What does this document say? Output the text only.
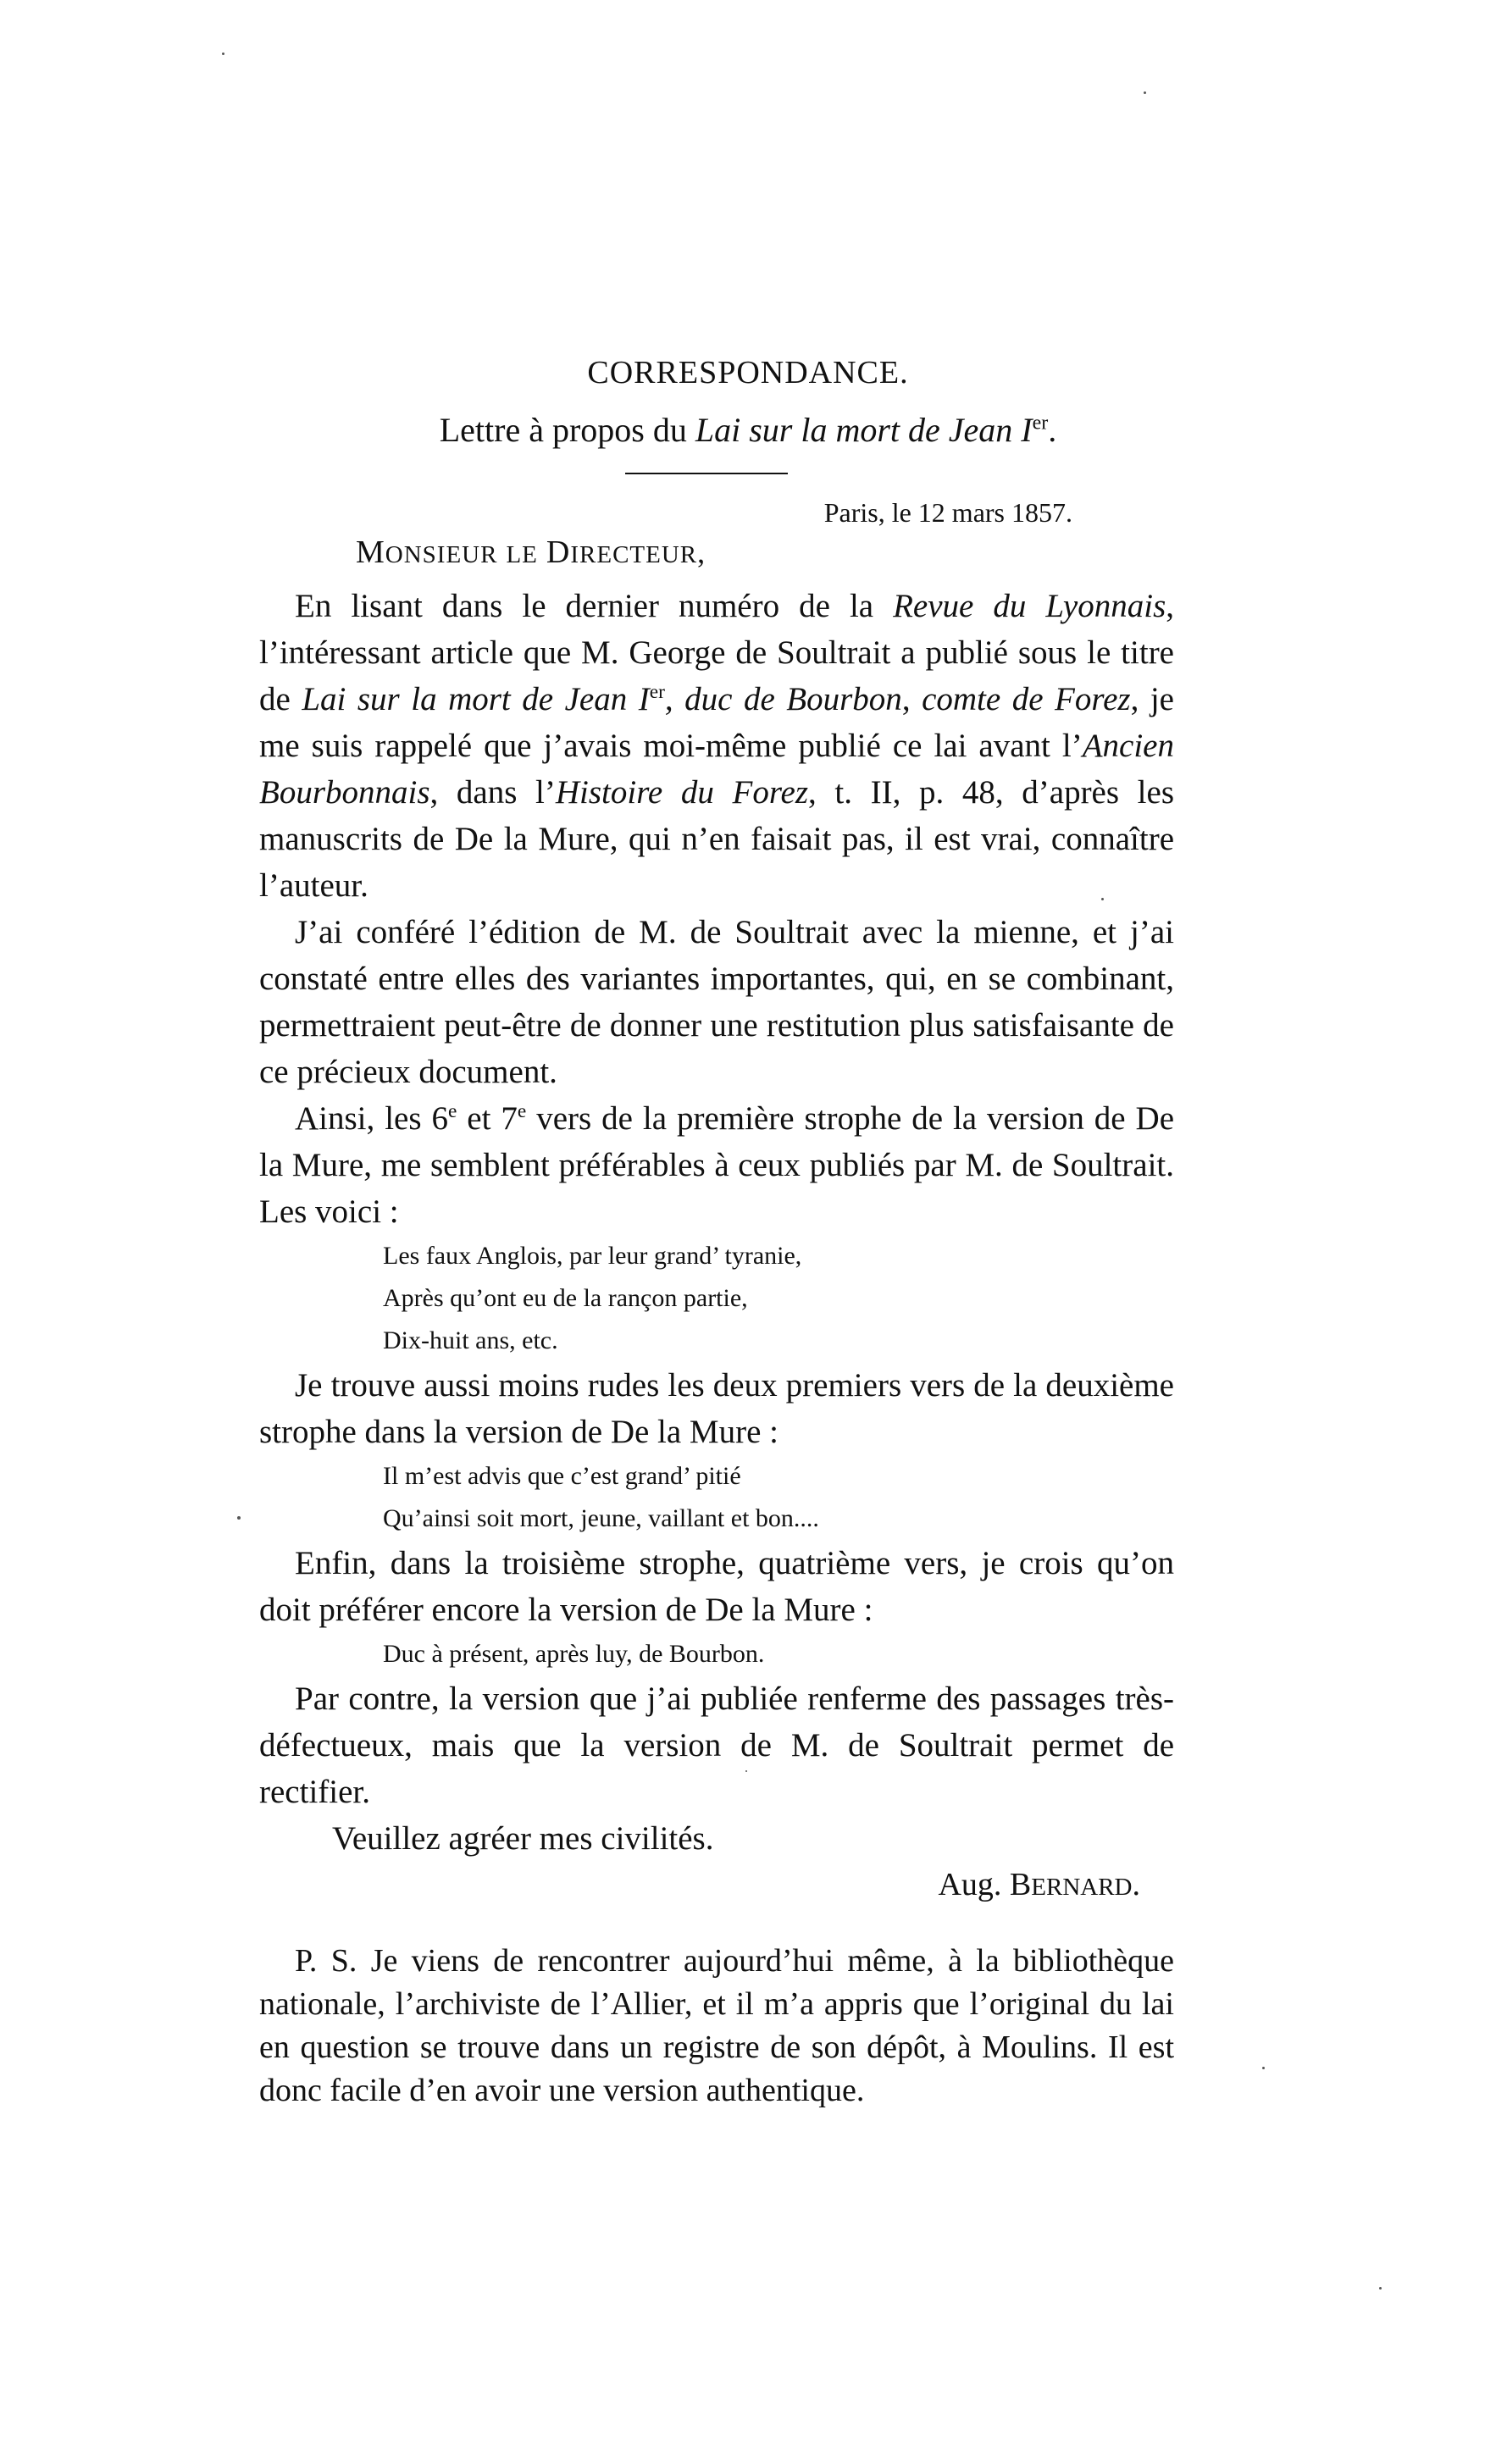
CORRESPONDANCE.
Lettre à propos du Lai sur la mort de Jean Ier.
Paris, le 12 mars 1857.
MONSIEUR LE DIRECTEUR,

En lisant dans le dernier numéro de la Revue du Lyonnais, l’intéressant article que M. George de Soultrait a publié sous le titre de Lai sur la mort de Jean Ier, duc de Bourbon, comte de Forez, je me suis rappelé que j’avais moi-même publié ce lai avant l’Ancien Bourbonnais, dans l’Histoire du Forez, t. II, p. 48, d’après les manuscrits de De la Mure, qui n’en faisait pas, il est vrai, connaître l’auteur.

J’ai conféré l’édition de M. de Soultrait avec la mienne, et j’ai constaté entre elles des variantes importantes, qui, en se combinant, permettraient peut-être de donner une restitution plus satisfaisante de ce précieux document.

Ainsi, les 6e et 7e vers de la première strophe de la version de De la Mure, me semblent préférables à ceux publiés par M. de Soultrait. Les voici :

Les faux Anglois, par leur grand’ tyranie,
Après qu’ont eu de la rançon partie,
Dix-huit ans, etc.

Je trouve aussi moins rudes les deux premiers vers de la deuxième strophe dans la version de De la Mure :

Il m’est advis que c’est grand’ pitié
Qu’ainsi soit mort, jeune, vaillant et bon....

Enfin, dans la troisième strophe, quatrième vers, je crois qu’on doit préférer encore la version de De la Mure :

Duc à présent, après luy, de Bourbon.

Par contre, la version que j’ai publiée renferme des passages très-défectueux, mais que la version de M. de Soultrait permet de rectifier.

Veuillez agréer mes civilités.

Aug. BERNARD.

P. S. Je viens de rencontrer aujourd’hui même, à la bibliothèque nationale, l’archiviste de l’Allier, et il m’a appris que l’original du lai en question se trouve dans un registre de son dépôt, à Moulins. Il est donc facile d’en avoir une version authentique.
